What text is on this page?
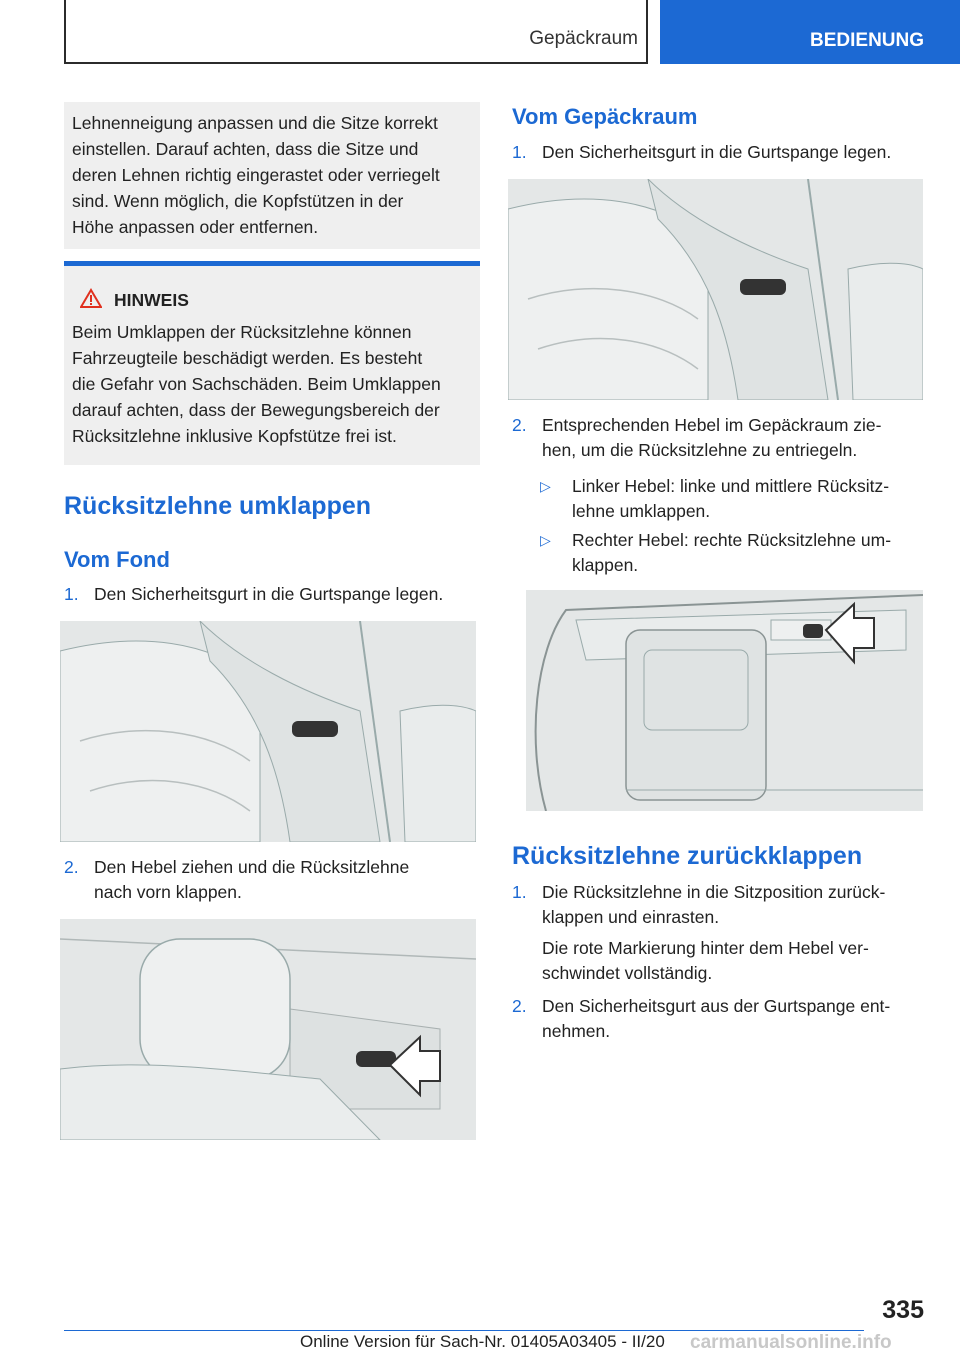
Gepäckraum	BEDIENUNG
Lehnenneigung anpassen und die Sitze korrekt
einstellen. Darauf achten, dass die Sitze und
deren Lehnen richtig eingerastet oder verriegelt
sind. Wenn möglich, die Kopfstützen in der
Höhe anpassen oder entfernen.
HINWEIS
Beim Umklappen der Rücksitzlehne können
Fahrzeugteile beschädigt werden. Es besteht
die Gefahr von Sachschäden. Beim Umklappen
darauf achten, dass der Bewegungsbereich der
Rücksitzlehne inklusive Kopfstütze frei ist.
Rücksitzlehne umklappen
Vom Fond
1. Den Sicherheitsgurt in die Gurtspange legen.
2. Den Hebel ziehen und die Rücksitzlehne
nach vorn klappen.
Vom Gepäckraum
1. Den Sicherheitsgurt in die Gurtspange legen.
2. Entsprechenden Hebel im Gepäckraum zie-
hen, um die Rücksitzlehne zu entriegeln.
▷ Linker Hebel: linke und mittlere Rücksitz-
lehne umklappen.
▷ Rechter Hebel: rechte Rücksitzlehne um-
klappen.
Rücksitzlehne zurückklappen
1. Die Rücksitzlehne in die Sitzposition zurück-
klappen und einrasten.
Die rote Markierung hinter dem Hebel ver-
schwindet vollständig.
2. Den Sicherheitsgurt aus der Gurtspange ent-
nehmen.
335
Online Version für Sach-Nr. 01405A03405 - II/20 carmanualsonline.info
